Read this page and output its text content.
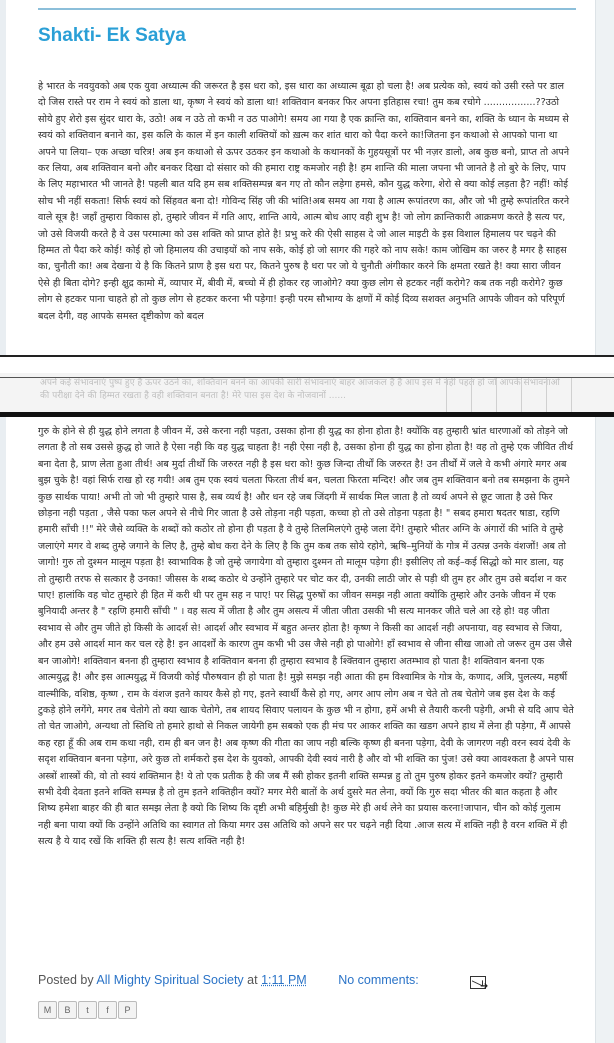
Shakti- Ek Satya

हे भारत के नवयुवको अब एक युवा अध्यात्म की जरूरत है इस धरा को, इस धारा का अध्यात्म बूढा हो चला है! अब प्रत्येक को, स्वयं को उसी रस्ते पर डाल दो जिस रास्ते पर राम ने स्वयं को डाला था, कृष्ण ने स्वयं को डाला था! शक्तिवान बनकर फिर अपना इतिहास रचा! तुम कब रचोगे .................??उठो सोये हुए शेरो इस सुंदर धारा के, उठो! अब न उठे तो कभी न उठ पाओगे! समय आ गया है एक क्रान्ति का, शक्तिवान बनने का, शक्ति के ध्यान के मध्यम से स्वयं को शक्तिवान बनाने का, इस कलि के काल में इन काली शक्तियों को ख़त्म कर शांत धारा को पैदा करने का!जितना इन कथाओ से आपको पाना था अपने पा लिया– एक अच्छा चरित्र! अब इन कथाओ से ऊपर उठकर इन कथाओ के कथानकों के गुहयसूत्रों पर भी नज़र डालो, अब कुछ बनो, प्राप्त तो अपने कर लिया, अब शक्तिवान बनो और बनकर दिखा दो संसार को की हमारा राष्ट्र कमजोर नही है! हम शान्ति की माला जपना भी जानते है तो बुरे के लिए, पाप के लिए महाभारत भी जानते है! पहली बात यदि हम सब शक्तिसम्पन्न बन गए तो कौन लड़ेगा हमसे, कौन युद्ध करेगा, शेरो से क्या कोई लड़ता है? नहीं! कोई सोच भी नहीं सकता! सिर्फ स्वयं को सिंहवत बना दो! गोविन्द सिंह जी की भांति!अब समय आ गया है आत्म रूपांतरण का, और जो भी तुम्हे रूपांतरित करने वाले सूत्र है! जहाँ तुम्हारा विकास हो, तुम्हारे जीवन में गति आए, शान्ति आये, आत्म बोध आए वही शुभ है! जो लोग क्रान्तिकारी आक्रमण करते है सत्य पर, जो उसे विजयी करते है वे उस परमात्मा को उस शक्ति को प्राप्त होते है! प्रभु करे की ऐसी साहस दे जो आल माइटी के इस विशाल हिमालय पर चढ़ने की हिम्मत तो पैदा करे कोई! कोई हो जो हिमालय की उचाइयों को नाप सके, कोई हो जो सागर की गहरे को नाप सके! काम जोखिम का जरुर है मगर है साहस का, चुनौती का! अब देखना ये है कि कितने प्राण है इस धरा पर, कितने पुरुष है धरा पर जो ये चुनौती अंगीकार करने कि क्षमता रखते है! क्या सारा जीवन ऐसे ही बिता दोगे? इन्ही क्षुद्र कामो में, व्यापार में, बीवी में, बच्चो में ही होकर रह जाओगे? क्या कुछ लोग से हटकर नहीं करोगे? कब तक नही करोगे? कुछ लोग से हटकर पाना चाहते हो तो कुछ लोग से हटकर करना भी पड़ेगा! इन्ही परम सौभाग्य के क्षणों में कोई दिव्य सशक्त अनुभति आपके जीवन को परिपूर्ण बदल देगी, वह आपके समस्त दृष्टीकोण को बदल

अपने कई संभावनाएं पुष्प हुए है ऊपर उठने का, शक्तिवान बनने का आपकी सारी संभावनाएं बाहर आजकल हैं हैं आप इस में नहीं पहल हो जो आपके संभावनाओं की परीक्षा देने की हिम्मत रखता है वही शक्तिवान बनता है! मेरे पास इस देश के नोजवानों ......

गुरु के होने से ही युद्ध होने लगता है जीवन में, उसे करना नही पड़ता, उसका होना ही युद्ध का होना होता है! क्योंकि वह तुम्हारी भ्रांत धारणाओं को तोड़ने जो लगता है तो सब उससे क्रुद्ध हो जाते है ऐसा नही कि वह युद्ध चाहता है! नही ऐसा नही है, उसका होना ही युद्ध का होना होता है! वह तो तुम्हे एक जीवित तीर्थ बना देता है, प्राण लेता हुआ तीर्थ! अब मुर्दा तीर्थों कि जरुरत नही है इस धरा को! कुछ जिन्दा तीर्थों कि जरुरत है! उन तीर्थों में जले वे कभी अंगारे मगर अब बुझ चुके है! वहां सिर्फ राख हो रह गयी! अब तुम एक स्वयं चलता फिरता तीर्थ बन, चलता फिरता मन्दिर! और जब तुम शक्तिवान बनो तब समझना के तुमने कुछ सार्थक पाया! अभी तो जो भी तुम्हारे पास है, सब व्यर्थ है! और धन रहे जब जिंदगी में सार्थक मिल जाता है तो व्यर्थ अपने से छूट जाता है उसे फिर छोड़ना नही पड़ता , जैसे पका फल अपने से नीचे गिर जाता है उसे तोड़ना नही पड़ता, कच्चा हो तो उसे तोड़ना पड़ता है! " सबद हमारा षदतर षाडा, रहणि हमारी साँची !!" मेरे जैसे व्यक्ति के शब्दों को कठोर तो होना ही पड़ता है वे तुम्हे तिलमिलएंगे तुम्हे जला देंगे! तुम्हारे भीतर अग्नि के अंगारों की भांति वे तुम्हे जलाएंगे मगर वे शब्द तुम्हे जगाने के लिए है, तुम्हे बोध करा देने के लिए है कि तुम कब तक सोये रहोगे, ऋषि–मुनियों के गोत्र में उत्पन्न उनके वंशजों! अब तो जागो! गुरु तो दुश्मन मालूम पड़ता है! स्वाभाविक है जो तुम्हे जगायेगा वो तुम्हारा दुश्मन तो मालूम पड़ेगा ही! इसीलिए तो कई–कई सिद्धो को मार डाला, यह तो तुम्हारी तरफ से सत्कार है उनका! जीसस के शब्द कठोर थे उन्होंने तुम्हारे पर चोट कर दी, उनकी लाठी जोर से पड़ी थी तुम हर और तुम उसे बर्दाश न कर पाए! हालांकि वह चोट तुम्हारे ही हित में करी थी पर तुम सह न पाए! पर सिद्ध पुरुषों का जीवन समझ नही आता क्योंकि तुम्हारे और उनके जीवन में एक बुनियादी अन्तर है " रहणि हमारी साँची " । वह सत्य में जीता है और तुम असत्य में जीता जीता उसकी भी सत्य मानकर जीते चले आ रहे हो! वह जीता स्वभाव से और तुम जीते हो किसी के आदर्श से! आदर्श और स्वभाव में बहुत अन्तर होता है! कृष्ण ने किसी का आदर्श नही अपनाया, वह स्वभाव से जिया, और हम उसे आदर्श मान कर चल रहे है! इन आदर्शों के कारण तुम कभी भी उस जैसे नही हो पाओगे! हाँ स्वभाव से जीना सीख जाओ तो जरूर तुम उस जैसे बन जाओगे! शक्तिवान बनना ही तुम्हारा स्वभाव है शक्तिवान बनना ही तुम्हारा स्वभाव है श्क्तिवान तुम्हारा अतम्भाव हो पाता है! शक्तिवान बनना एक आत्मयुद्ध है! और इस आत्मयुद्ध में विजयी कोई पौरुषवान ही हो पाता है! मुझे समझ नही आता की हम विश्वामित्र के गोत्र के, कणाद, अत्रि, पुलत्स्य, महर्षी वाल्मीकि, वशिष्ठ, कृष्ण , राम के वंशज इतने कायर कैसे हो गए, इतने स्वार्थी कैसे हो गए, अगर आप लोग अब न चेते तो तब चेतोगे जब इस देश के कई टुकड़े होने लगेंगे, मगर तब चेतोगे तो क्या खाक चेतोगे, तब शायद सिवाए पलायन के कुछ भी न होगा, हमें अभी से तैयारी करनी पड़ेगी, अभी से यदि आप चेते तो चेत जाओगे, अन्यथा तो स्तिथि तो हमारे हाथो से निकल जायेगी हम सबको एक ही मंच पर आकर शक्ति का खडग अपने हाथ में लेना ही पड़ेगा, मैं आपसे कह रहा हूँ की अब राम कथा नही, राम ही बन जन है! अब कृष्ण की गीता का जाप नही बल्कि कृष्ण ही बनना पड़ेगा, देवी के जागरण नही वरन स्वयं देवी के सदृश शक्तिवान बनना पड़ेगा, अरे कुछ तो शर्मकरो इस देश के युवको, आपकी देवी स्वयं नारी है और वो भी शक्ति का पुंज! उसे क्या आवश्कता है अपने पास अस्त्रों शास्त्रों की, वो तो स्वयं शक्तिमान है! ये तो एक प्रतीक है की जब मैं स्त्री होकर इतनी शक्ति सम्पन्न हु तो तुम पुरुष होकर इतने कमजोर क्यों? तुम्हारी सभी देवी देवता इतने शक्ति सम्पन्न है तो तुम इतने शक्तिहीन क्यों? मगर मेरी बातों के अर्थ दुसरे मत लेना, क्यों कि गुरु सदा भीतर की बात कहता है और शिष्य हमेशा बाहर की ही बात समझ लेता है क्यो कि शिष्य कि दृष्टी अभी बहिर्मुखी है! कुछ मेरे ही अर्थ लेने का प्रयास करना!जापान, चीन को कोई गुलाम नही बना पाया क्यों कि उन्होंने अतिथि का स्वागत तो किया मगर उस अतिथि को अपने सर पर चढ़ने नही दिया .आज सत्य में शक्ति नही है वरन शक्ति में ही सत्य है ये याद रखें कि शक्ति ही सत्य है! सत्य शक्ति नही है!

Posted by All Mighty Spiritual Society at 1:11 PM	No comments:	➜
M B t f P
